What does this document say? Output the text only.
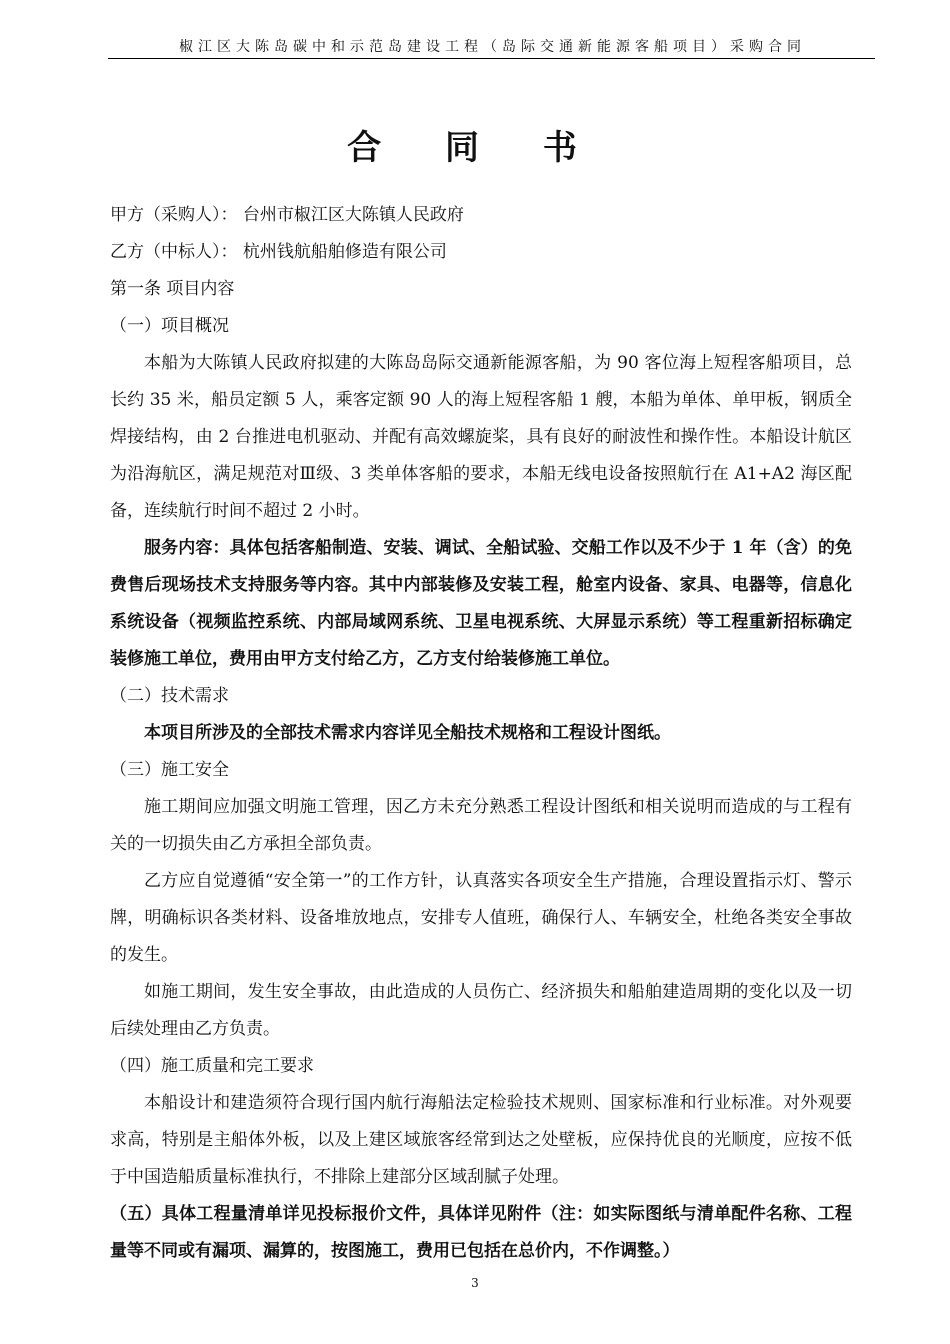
椒江区大陈岛碳中和示范岛建设工程（岛际交通新能源客船项目）采购合同
合 同 书
甲方（采购人）： 台州市椒江区大陈镇人民政府
乙方（中标人）： 杭州钱航船舶修造有限公司
第一条 项目内容
（一）项目概况
本船为大陈镇人民政府拟建的大陈岛岛际交通新能源客船，为 90 客位海上短程客船项目，总长约 35 米，船员定额 5 人，乘客定额 90 人的海上短程客船 1 艘，本船为单体、单甲板，钢质全焊接结构，由 2 台推进电机驱动、并配有高效螺旋桨，具有良好的耐波性和操作性。本船设计航区为沿海航区，满足规范对Ⅲ级、3 类单体客船的要求，本船无线电设备按照航行在 A1+A2 海区配备，连续航行时间不超过 2 小时。
服务内容：具体包括客船制造、安装、调试、全船试验、交船工作以及不少于 1 年（含）的免费售后现场技术支持服务等内容。其中内部装修及安装工程，舱室内设备、家具、电器等，信息化系统设备（视频监控系统、内部局域网系统、卫星电视系统、大屏显示系统）等工程重新招标确定装修施工单位，费用由甲方支付给乙方，乙方支付给装修施工单位。
（二）技术需求
本项目所涉及的全部技术需求内容详见全船技术规格和工程设计图纸。
（三）施工安全
施工期间应加强文明施工管理，因乙方未充分熟悉工程设计图纸和相关说明而造成的与工程有关的一切损失由乙方承担全部负责。
乙方应自觉遵循“安全第一”的工作方针，认真落实各项安全生产措施，合理设置指示灯、警示牌，明确标识各类材料、设备堆放地点，安排专人值班，确保行人、车辆安全，杜绝各类安全事故的发生。
如施工期间，发生安全事故，由此造成的人员伤亡、经济损失和船舶建造周期的变化以及一切后续处理由乙方负责。
（四）施工质量和完工要求
本船设计和建造须符合现行国内航行海船法定检验技术规则、国家标准和行业标准。对外观要求高，特别是主船体外板，以及上建区域旅客经常到达之处壁板，应保持优良的光顺度，应按不低于中国造船质量标准执行，不排除上建部分区域刮腻子处理。
（五）具体工程量清单详见投标报价文件，具体详见附件（注：如实际图纸与清单配件名称、工程量等不同或有漏项、漏算的，按图施工，费用已包括在总价内，不作调整。）
3
